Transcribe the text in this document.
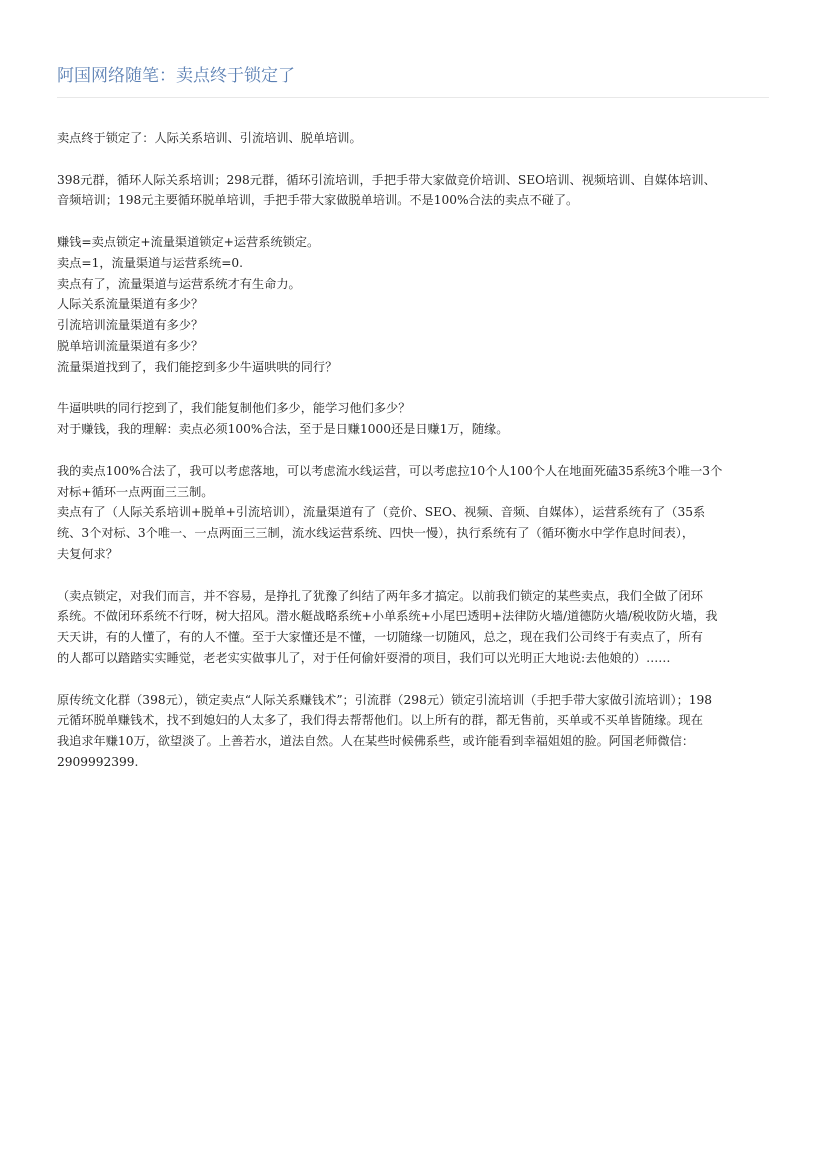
阿国网络随笔：卖点终于锁定了

卖点终于锁定了：人际关系培训、引流培训、脱单培训。

398元群，循环人际关系培训；298元群，循环引流培训，手把手带大家做竞价培训、SEO培训、视频培训、自媒体培训、
音频培训；198元主要循环脱单培训，手把手带大家做脱单培训。不是100%合法的卖点不碰了。

赚钱=卖点锁定+流量渠道锁定+运营系统锁定。
卖点=1，流量渠道与运营系统=0.
卖点有了，流量渠道与运营系统才有生命力。
人际关系流量渠道有多少？
引流培训流量渠道有多少？
脱单培训流量渠道有多少？
流量渠道找到了，我们能挖到多少牛逼哄哄的同行？

牛逼哄哄的同行挖到了，我们能复制他们多少，能学习他们多少？
对于赚钱，我的理解：卖点必须100%合法，至于是日赚1000还是日赚1万，随缘。

我的卖点100%合法了，我可以考虑落地，可以考虑流水线运营，可以考虑拉10个人100个人在地面死磕35系统3个唯一3个
对标+循环一点两面三三制。
卖点有了（人际关系培训+脱单+引流培训），流量渠道有了（竞价、SEO、视频、音频、自媒体），运营系统有了（35系
统、3个对标、3个唯一、一点两面三三制，流水线运营系统、四快一慢），执行系统有了（循环衡水中学作息时间表），
夫复何求？

（卖点锁定，对我们而言，并不容易，是挣扎了犹豫了纠结了两年多才搞定。以前我们锁定的某些卖点，我们全做了闭环
系统。不做闭环系统不行呀，树大招风。潜水艇战略系统+小单系统+小尾巴透明+法律防火墙/道德防火墙/税收防火墙，我
天天讲，有的人懂了，有的人不懂。至于大家懂还是不懂，一切随缘一切随风，总之，现在我们公司终于有卖点了，所有
的人都可以踏踏实实睡觉，老老实实做事儿了，对于任何偷奸耍滑的项目，我们可以光明正大地说:去他娘的）……

原传统文化群（398元），锁定卖点“人际关系赚钱术”；引流群（298元）锁定引流培训（手把手带大家做引流培训）；198
元循环脱单赚钱术，找不到媳妇的人太多了，我们得去帮帮他们。以上所有的群，都无售前，买单或不买单皆随缘。现在
我追求年赚10万，欲望淡了。上善若水，道法自然。人在某些时候佛系些，或许能看到幸福姐姐的脸。阿国老师微信：
2909992399.
